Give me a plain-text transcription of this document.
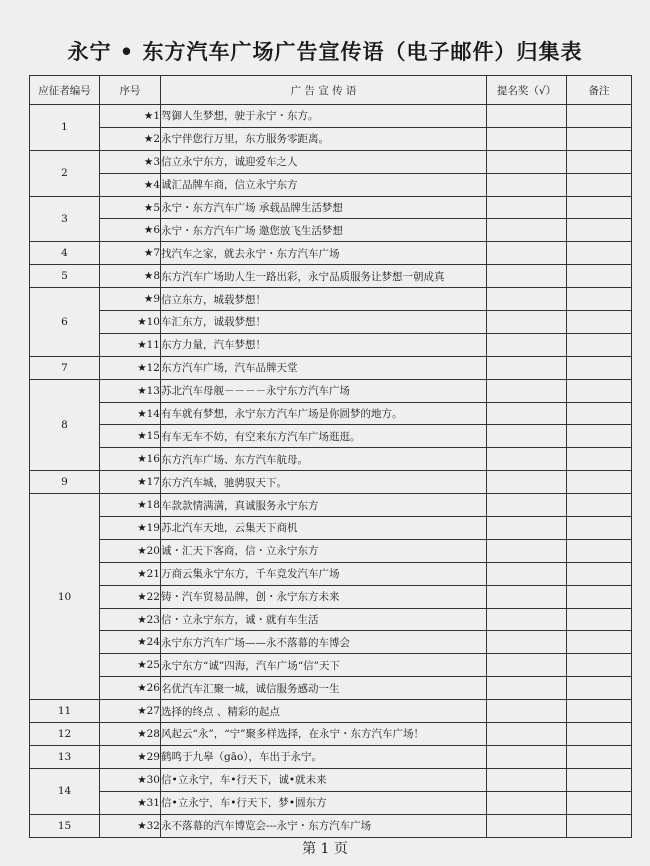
永宁 • 东方汽车广场广告宣传语（电子邮件）归集表
应征者编号	序号	广 告 宣 传 语	提名奖（√）	备注
1	★1	驾御人生梦想，驶于永宁・东方。		
	★2	永宁伴您行万里，东方服务零距离。		
2	★3	信立永宁东方，诚迎爱车之人		
	★4	诚汇品牌车商，信立永宁东方		
3	★5	永宁・东方汽车广场 承载品牌生活梦想		
	★6	永宁・东方汽车广场 邀您放飞生活梦想		
4	★7	找汽车之家，就去永宁・东方汽车广场		
5	★8	东方汽车广场助人生一路出彩，永宁品质服务让梦想一朝成真		
6	★9	信立东方，城载梦想！		
	★10	车汇东方，诚载梦想！		
	★11	东方力量，汽车梦想！		
7	★12	东方汽车广场，汽车品牌天堂		
8	★13	苏北汽车母舰－－－－永宁东方汽车广场		
	★14	有车就有梦想，永宁东方汽车广场是你圆梦的地方。		
	★15	有车无车不妨，有空来东方汽车广场逛逛。		
	★16	东方汽车广场、东方汽车航母。		
9	★17	东方汽车城，驰骋驭天下。		
10	★18	车款款情满满，真诚服务永宁东方		
	★19	苏北汽车天地，云集天下商机		
	★20	诚・汇天下客商，信・立永宁东方		
	★21	万商云集永宁东方，千车竞发汽车广场		
	★22	铸・汽车贸易品牌，创・永宁东方未来		
	★23	信・立永宁东方，诚・就有车生活		
	★24	永宁东方汽车广场——永不落幕的车博会		
	★25	永宁东方“诚”四海，汽车广场“信”天下		
	★26	名优汽车汇聚一城，诚信服务感动一生		
11	★27	选择的终点 、精彩的起点		
12	★28	风起云“永”，“宁”聚多样选择，在永宁・东方汽车广场！		
13	★29	鹤鸣于九皋（gāo），车出于永宁。		
14	★30	信•立永宁，车•行天下，诚•就未来		
	★31	信•立永宁，车•行天下，梦•圆东方		
15	★32	永不落幕的汽车博览会---永宁・东方汽车广场		
第 1 页
